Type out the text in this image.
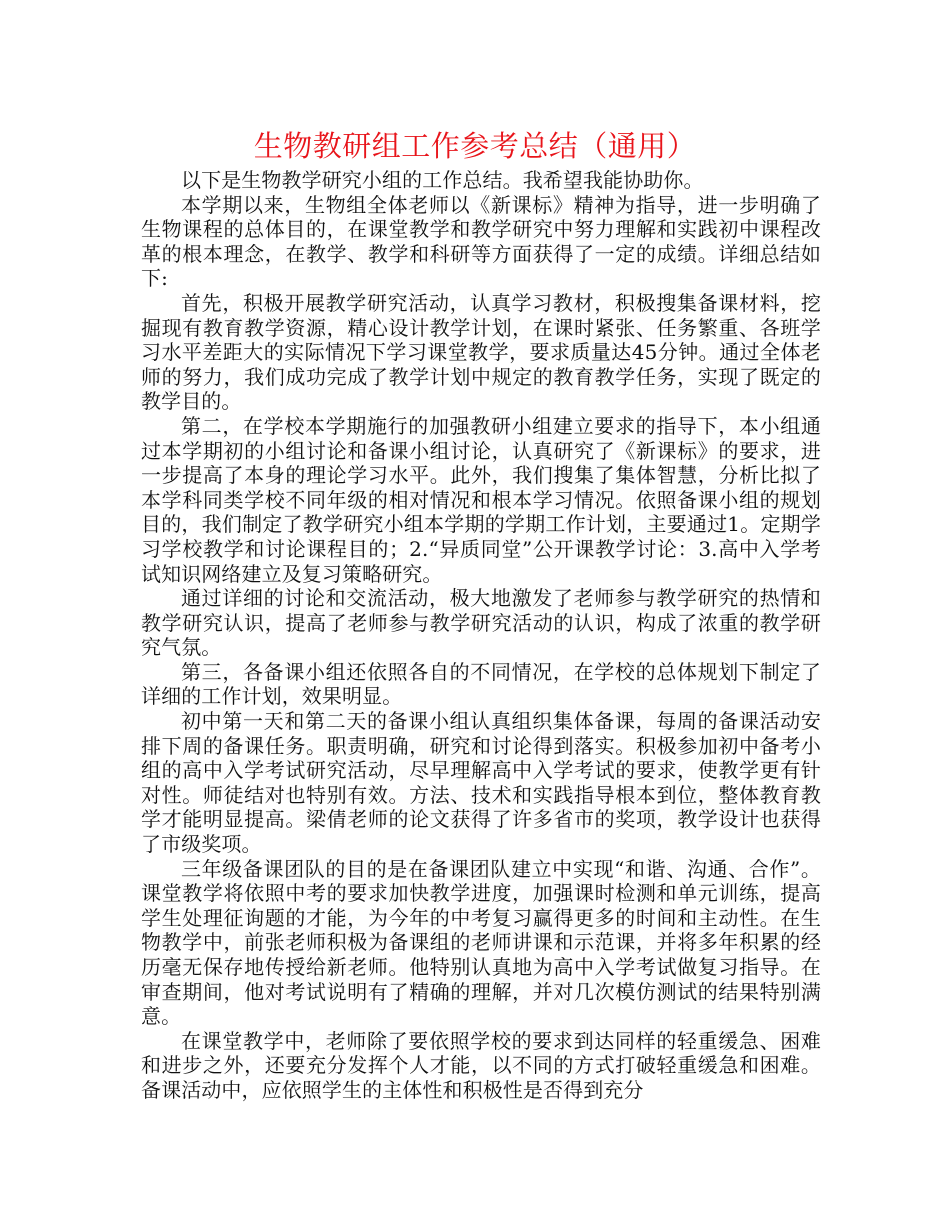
生物教研组工作参考总结（通用）

以下是生物教学研究小组的工作总结。我希望我能协助你。

本学期以来，生物组全体老师以《新课标》精神为指导，进一步明确了生物课程的总体目的，在课堂教学和教学研究中努力理解和实践初中课程改革的根本理念，在教学、教学和科研等方面获得了一定的成绩。详细总结如下:

首先，积极开展教学研究活动，认真学习教材，积极搜集备课材料，挖掘现有教育教学资源，精心设计教学计划，在课时紧张、任务繁重、各班学习水平差距大的实际情况下学习课堂教学，要求质量达45分钟。通过全体老师的努力，我们成功完成了教学计划中规定的教育教学任务，实现了既定的教学目的。

第二，在学校本学期施行的加强教研小组建立要求的指导下，本小组通过本学期初的小组讨论和备课小组讨论，认真研究了《新课标》的要求，进一步提高了本身的理论学习水平。此外，我们搜集了集体智慧，分析比拟了本学科同类学校不同年级的相对情况和根本学习情况。依照备课小组的规划目的，我们制定了教学研究小组本学期的学期工作计划，主要通过1。定期学习学校教学和讨论课程目的；2.“异质同堂”公开课教学讨论：3.高中入学考试知识网络建立及复习策略研究。

通过详细的讨论和交流活动，极大地激发了老师参与教学研究的热情和教学研究认识，提高了老师参与教学研究活动的认识，构成了浓重的教学研究气氛。

第三，各备课小组还依照各自的不同情况，在学校的总体规划下制定了详细的工作计划，效果明显。

初中第一天和第二天的备课小组认真组织集体备课，每周的备课活动安排下周的备课任务。职责明确，研究和讨论得到落实。积极参加初中备考小组的高中入学考试研究活动，尽早理解高中入学考试的要求，使教学更有针对性。师徒结对也特别有效。方法、技术和实践指导根本到位，整体教育教学才能明显提高。梁倩老师的论文获得了许多省市的奖项，教学设计也获得了市级奖项。

三年级备课团队的目的是在备课团队建立中实现“和谐、沟通、合作”。课堂教学将依照中考的要求加快教学进度，加强课时检测和单元训练，提高学生处理征询题的才能，为今年的中考复习赢得更多的时间和主动性。在生物教学中，前张老师积极为备课组的老师讲课和示范课，并将多年积累的经历毫无保存地传授给新老师。他特别认真地为高中入学考试做复习指导。在审查期间，他对考试说明有了精确的理解，并对几次模仿测试的结果特别满意。

在课堂教学中，老师除了要依照学校的要求到达同样的轻重缓急、困难和进步之外，还要充分发挥个人才能，以不同的方式打破轻重缓急和困难。备课活动中，应依照学生的主体性和积极性是否得到充分
